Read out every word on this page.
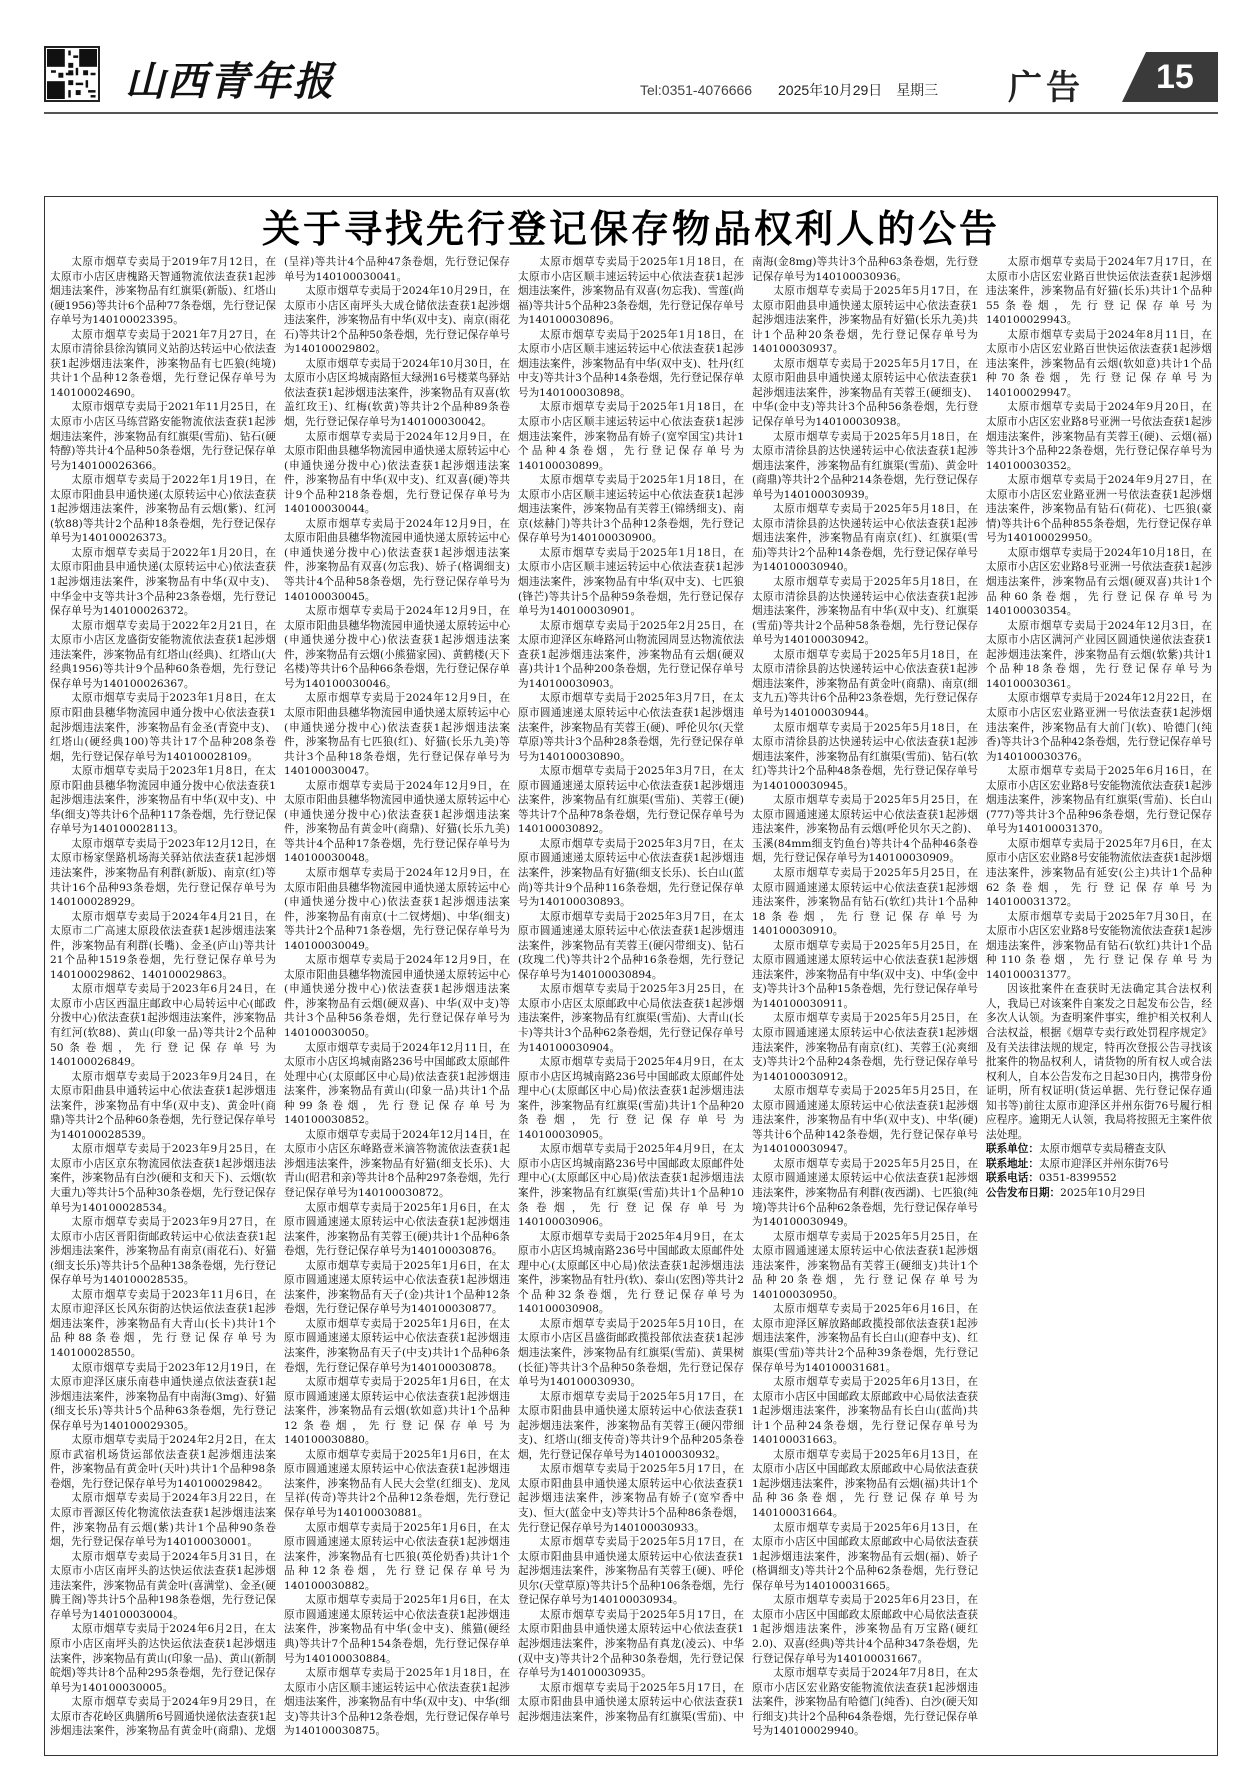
山西青年报	Tel:0351-4076666 2025年10月29日 星期三 广告 15
关于寻找先行登记保存物品权利人的公告

太原市烟草专卖局于2019年7月12日，在太原市小店区唐槐路天智通物流依法查获1起涉烟违法案件，涉案物品有红旗渠(新版)、红塔山(硬1956)等共计6个品种77条卷烟，先行登记保存单号为140100023395。

太原市烟草专卖局于2021年7月27日，在太原市清徐县徐沟镇同义站韵达转运中心依法查获1起涉烟违法案件，涉案物品有七匹狼(纯境)共计1个品种12条卷烟，先行登记保存单号为140100024690。

太原市烟草专卖局于2021年11月25日，在太原市小店区马练营路安能物流依法查获1起涉烟违法案件，涉案物品有红旗渠(雪茄)、钻石(硬特醇)等共计4个品种50条卷烟，先行登记保存单号为140100026366。

太原市烟草专卖局于2022年1月19日，在太原市阳曲县申通快递(太原转运中心)依法查获1起涉烟违法案件，涉案物品有云烟(紫)、红河(软88)等共计2个品种18条卷烟，先行登记保存单号为140100026373。

太原市烟草专卖局于2022年1月20日，在太原市阳曲县申通快递(太原转运中心)依法查获1起涉烟违法案件，涉案物品有中华(双中支)、中华金中支等共计3个品种23条卷烟，先行登记保存单号为140100026372。

太原市烟草专卖局于2022年2月21日，在太原市小店区龙盛街安能物流依法查获1起涉烟违法案件，涉案物品有红塔山(经典)、红塔山(大经典1956)等共计9个品种60条卷烟，先行登记保存单号为140100026367。

太原市烟草专卖局于2023年1月8日，在太原市阳曲县穗华物流园申通分拨中心依法查获1起涉烟违法案件，涉案物品有金圣(青瓷中支)、红塔山(硬经典100)等共计17个品种208条卷烟，先行登记保存单号为140100028109。

太原市烟草专卖局于2023年1月8日，在太原市阳曲县穗华物流园申通分拨中心依法查获1起涉烟违法案件，涉案物品有中华(双中支)、中华(细支)等共计6个品种117条卷烟，先行登记保存单号为140100028113。

太原市烟草专卖局于2023年12月12日，在太原市杨家堡路机场海关驿站依法查获1起涉烟违法案件，涉案物品有利群(新版)、南京(红)等共计16个品种93条卷烟，先行登记保存单号为140100028929。

太原市烟草专卖局于2024年4月21日，在太原市二广高速太原段依法查获1起涉烟违法案件，涉案物品有利群(长嘴)、金圣(庐山)等共计21个品种1519条卷烟，先行登记保存单号为140100029862、140100029863。

太原市烟草专卖局于2023年6月24日，在太原市小店区西温庄邮政中心局转运中心(邮政分拨中心)依法查获1起涉烟违法案件，涉案物品有红河(软88)、黄山(印象一品)等共计2个品种50条卷烟，先行登记保存单号为140100026849。

太原市烟草专卖局于2023年9月24日，在太原市阳曲县申通转运中心依法查获1起涉烟违法案件，涉案物品有中华(双中支)、黄金叶(商鼎)等共计2个品种60条卷烟，先行登记保存单号为140100028539。

太原市烟草专卖局于2023年9月25日，在太原市小店区京东物流园依法查获1起涉烟违法案件，涉案物品有白沙(硬和支和天下)、云烟(软大重九)等共计5个品种30条卷烟，先行登记保存单号为140100028534。

太原市烟草专卖局于2023年9月27日，在太原市小店区晋阳街邮政转运中心依法查获1起涉烟违法案件，涉案物品有南京(雨花石)、好猫(细支长乐)等共计5个品种138条卷烟，先行登记保存单号为140100028535。

太原市烟草专卖局于2023年11月6日，在太原市迎泽区长风东街韵达快运依法查获1起涉烟违法案件，涉案物品有大青山(长卡)共计1个品种88条卷烟，先行登记保存单号为140100028550。

太原市烟草专卖局于2023年12月19日，在太原市迎泽区康乐南巷申通快递点依法查获1起涉烟违法案件，涉案物品有中南海(3mg)、好猫(细支长乐)等共计5个品种63条卷烟，先行登记保存单号为140100029305。

太原市烟草专卖局于2024年2月2日，在太原市武宿机场货运部依法查获1起涉烟违法案件，涉案物品有黄金叶(天叶)共计1个品种98条卷烟，先行登记保存单号为140100029842。

太原市烟草专卖局于2024年3月22日，在太原市晋源区传化物流依法查获1起涉烟违法案件，涉案物品有云烟(紫)共计1个品种90条卷烟，先行登记保存单号为140100030001。

太原市烟草专卖局于2024年5月31日，在太原市小店区南坪头韵达快运依法查获1起涉烟违法案件，涉案物品有黄金叶(喜满堂)、金圣(硬腾王阁)等共计5个品种198条卷烟，先行登记保存单号为140100030004。

太原市烟草专卖局于2024年6月2日，在太原市小店区南坪头韵达快运依法查获1起涉烟违法案件，涉案物品有黄山(印象一品)、黄山(新制皖烟)等共计8个品种295条卷烟，先行登记保存单号为140100030005。

太原市烟草专卖局于2024年9月29日，在太原市杏花岭区典膳所6号圆通快递依法查获1起涉烟违法案件，涉案物品有黄金叶(商鼎)、龙烟(呈祥)等共计4个品种47条卷烟，先行登记保存单号为140100030041。

太原市烟草专卖局于2024年10月29日，在太原市小店区南坪头大成仓储依法查获1起涉烟违法案件，涉案物品有中华(双中支)、南京(雨花石)等共计2个品种50条卷烟，先行登记保存单号为140100029802。

太原市烟草专卖局于2024年10月30日，在太原市小店区坞城南路恒大绿洲16号楼菜鸟驿站依法查获1起涉烟违法案件，涉案物品有双喜(软盖红玫王)、红梅(软黄)等共计2个品种89条卷烟，先行登记保存单号为140100030042。

太原市烟草专卖局于2024年12月9日，在太原市阳曲县穗华物流园申通快递太原转运中心(申通快递分拨中心)依法查获1起涉烟违法案件，涉案物品有中华(双中支)、红双喜(硬)等共计9个品种218条卷烟，先行登记保存单号为140100030044。

太原市烟草专卖局于2024年12月9日，在太原市阳曲县穗华物流园申通快递太原转运中心(申通快递分拨中心)依法查获1起涉烟违法案件，涉案物品有双喜(勿忘我)、娇子(格调细支)等共计4个品种58条卷烟，先行登记保存单号为140100030045。

太原市烟草专卖局于2024年12月9日，在太原市阳曲县穗华物流园申通快递太原转运中心(申通快递分拨中心)依法查获1起涉烟违法案件，涉案物品有云烟(小熊猫家园)、黄鹤楼(天下名楼)等共计6个品种66条卷烟，先行登记保存单号为140100030046。

太原市烟草专卖局于2024年12月9日，在太原市阳曲县穗华物流园申通快递太原转运中心(申通快递分拨中心)依法查获1起涉烟违法案件，涉案物品有七匹狼(红)、好猫(长乐九美)等共计3个品种18条卷烟，先行登记保存单号为140100030047。

太原市烟草专卖局于2024年12月9日，在太原市阳曲县穗华物流园申通快递太原转运中心(申通快递分拨中心)依法查获1起涉烟违法案件，涉案物品有黄金叶(商鼎)、好猫(长乐九美)等共计4个品种17条卷烟，先行登记保存单号为140100030048。

太原市烟草专卖局于2024年12月9日，在太原市阳曲县穗华物流园申通快递太原转运中心(申通快递分拨中心)依法查获1起涉烟违法案件，涉案物品有南京(十二钗烤烟)、中华(细支)等共计2个品种71条卷烟，先行登记保存单号为140100030049。

太原市烟草专卖局于2024年12月9日，在太原市阳曲县穗华物流园申通快递太原转运中心(申通快递分拨中心)依法查获1起涉烟违法案件，涉案物品有云烟(硬双喜)、中华(双中支)等共计3个品种56条卷烟，先行登记保存单号为140100030050。

太原市烟草专卖局于2024年12月11日，在太原市小店区坞城南路236号中国邮政太原邮件处理中心(太原邮区中心局)依法查获1起涉烟违法案件，涉案物品有黄山(印象一品)共计1个品种99条卷烟，先行登记保存单号为140100030852。

太原市烟草专卖局于2024年12月14日，在太原市小店区东峰路壹米滴答物流依法查获1起涉烟违法案件，涉案物品有好猫(细支长乐)、大青山(昭君和亲)等共计8个品种297条卷烟，先行登记保存单号为140100030872。

太原市烟草专卖局于2025年1月6日，在太原市圆通速递太原转运中心依法查获1起涉烟违法案件，涉案物品有芙蓉王(硬)共计1个品种6条卷烟，先行登记保存单号为140100030876。

太原市烟草专卖局于2025年1月6日，在太原市圆通速递太原转运中心依法查获1起涉烟违法案件，涉案物品有天子(金)共计1个品种12条卷烟，先行登记保存单号为140100030877。

太原市烟草专卖局于2025年1月6日，在太原市圆通速递太原转运中心依法查获1起涉烟违法案件，涉案物品有天子(中支)共计1个品种6条卷烟，先行登记保存单号为140100030878。

太原市烟草专卖局于2025年1月6日，在太原市圆通速递太原转运中心依法查获1起涉烟违法案件，涉案物品有云烟(软如意)共计1个品种12条卷烟，先行登记保存单号为140100030880。

太原市烟草专卖局于2025年1月6日，在太原市圆通速递太原转运中心依法查获1起涉烟违法案件，涉案物品有人民大会堂(红细支)、龙凤呈祥(传奇)等共计2个品种12条卷烟，先行登记保存单号为140100030881。

太原市烟草专卖局于2025年1月6日，在太原市圆通速递太原转运中心依法查获1起涉烟违法案件，涉案物品有七匹狼(英伦奶香)共计1个品种12条卷烟，先行登记保存单号为140100030882。

太原市烟草专卖局于2025年1月6日，在太原市圆通速递太原转运中心依法查获1起涉烟违法案件，涉案物品有中华(金中支)、熊猫(硬经典)等共计7个品种154条卷烟，先行登记保存单号为140100030884。

太原市烟草专卖局于2025年1月18日，在太原市小店区顺丰速运转运中心依法查获1起涉烟违法案件，涉案物品有中华(双中支)、中华(细支)等共计3个品种12条卷烟，先行登记保存单号为140100030875。

太原市烟草专卖局于2025年1月18日，在太原市小店区顺丰速运转运中心依法查获1起涉烟违法案件，涉案物品有双喜(勿忘我)、雪莲(尚福)等共计5个品种23条卷烟，先行登记保存单号为140100030896。

太原市烟草专卖局于2025年1月18日，在太原市小店区顺丰速运转运中心依法查获1起涉烟违法案件，涉案物品有中华(双中支)、牡丹(红中支)等共计3个品种14条卷烟，先行登记保存单号为140100030898。

太原市烟草专卖局于2025年1月18日，在太原市小店区顺丰速运转运中心依法查获1起涉烟违法案件，涉案物品有娇子(宽窄国宝)共计1个品种4条卷烟，先行登记保存单号为140100030899。

太原市烟草专卖局于2025年1月18日，在太原市小店区顺丰速运转运中心依法查获1起涉烟违法案件，涉案物品有芙蓉王(锦绣细支)、南京(炫赫门)等共计3个品种12条卷烟，先行登记保存单号为140100030900。

太原市烟草专卖局于2025年1月18日，在太原市小店区顺丰速运转运中心依法查获1起涉烟违法案件，涉案物品有中华(双中支)、七匹狼(锋芒)等共计5个品种59条卷烟，先行登记保存单号为140100030901。

太原市烟草专卖局于2025年2月25日，在太原市迎泽区东峰路河山物流园周昱达物流依法查获1起涉烟违法案件，涉案物品有云烟(硬双喜)共计1个品种200条卷烟，先行登记保存单号为140100030903。

太原市烟草专卖局于2025年3月7日，在太原市圆通速递太原转运中心依法查获1起涉烟违法案件，涉案物品有芙蓉王(硬)、呼伦贝尔(天堂草原)等共计3个品种28条卷烟，先行登记保存单号为140100030890。

太原市烟草专卖局于2025年3月7日，在太原市圆通速递太原转运中心依法查获1起涉烟违法案件，涉案物品有红旗渠(雪茄)、芙蓉王(硬)等共计7个品种78条卷烟，先行登记保存单号为140100030892。

太原市烟草专卖局于2025年3月7日，在太原市圆通速递太原转运中心依法查获1起涉烟违法案件，涉案物品有好猫(细支长乐)、长白山(蓝尚)等共计9个品种116条卷烟，先行登记保存单号为140100030893。

太原市烟草专卖局于2025年3月7日，在太原市圆通速递太原转运中心依法查获1起涉烟违法案件，涉案物品有芙蓉王(硬闪带细支)、钻石(玫瑰二代)等共计2个品种16条卷烟，先行登记保存单号为140100030894。

太原市烟草专卖局于2025年3月25日，在太原市小店区太原邮政中心局依法查获1起涉烟违法案件，涉案物品有红旗渠(雪茄)、大青山(长卡)等共计3个品种62条卷烟，先行登记保存单号为140100030904。

太原市烟草专卖局于2025年4月9日，在太原市小店区坞城南路236号中国邮政太原邮件处理中心(太原邮区中心局)依法查获1起涉烟违法案件，涉案物品有红旗渠(雪茄)共计1个品种20条卷烟，先行登记保存单号为140100030905。

太原市烟草专卖局于2025年4月9日，在太原市小店区坞城南路236号中国邮政太原邮件处理中心(太原邮区中心局)依法查获1起涉烟违法案件，涉案物品有红旗渠(雪茄)共计1个品种10条卷烟，先行登记保存单号为140100030906。

太原市烟草专卖局于2025年4月9日，在太原市小店区坞城南路236号中国邮政太原邮件处理中心(太原邮区中心局)依法查获1起涉烟违法案件，涉案物品有牡丹(软)、泰山(宏图)等共计2个品种32条卷烟，先行登记保存单号为140100030908。

太原市烟草专卖局于2025年5月10日，在太原市小店区昌盛街邮政揽投部依法查获1起涉烟违法案件，涉案物品有红旗渠(雪茄)、黄果树(长征)等共计3个品种50条卷烟，先行登记保存单号为140100030930。

太原市烟草专卖局于2025年5月17日，在太原市阳曲县申通快递太原转运中心依法查获1起涉烟违法案件，涉案物品有芙蓉王(硬闪带细支)、红塔山(细支传奇)等共计9个品种205条卷烟，先行登记保存单号为140100030932。

太原市烟草专卖局于2025年5月17日，在太原市阳曲县申通快递太原转运中心依法查获1起涉烟违法案件，涉案物品有娇子(宽窄香中支)、恒大(蓝金中支)等共计5个品种86条卷烟，先行登记保存单号为140100030933。

太原市烟草专卖局于2025年5月17日，在太原市阳曲县申通快递太原转运中心依法查获1起涉烟违法案件，涉案物品有芙蓉王(硬)、呼伦贝尔(天堂草原)等共计5个品种106条卷烟，先行登记保存单号为140100030934。

太原市烟草专卖局于2025年5月17日，在太原市阳曲县申通快递太原转运中心依法查获1起涉烟违法案件，涉案物品有真龙(凌云)、中华(双中支)等共计2个品种30条卷烟，先行登记保存单号为140100030935。

太原市烟草专卖局于2025年5月17日，在太原市阳曲县申通快递太原转运中心依法查获1起涉烟违法案件，涉案物品有红旗渠(雪茄)、中南海(金8mg)等共计3个品种63条卷烟，先行登记保存单号为140100030936。

太原市烟草专卖局于2025年5月17日，在太原市阳曲县申通快递太原转运中心依法查获1起涉烟违法案件，涉案物品有好猫(长乐九美)共计1个品种20条卷烟，先行登记保存单号为140100030937。

太原市烟草专卖局于2025年5月17日，在太原市阳曲县申通快递太原转运中心依法查获1起涉烟违法案件，涉案物品有芙蓉王(硬细支)、中华(金中支)等共计3个品种56条卷烟，先行登记保存单号为140100030938。

太原市烟草专卖局于2025年5月18日，在太原市清徐县韵达快递转运中心依法查获1起涉烟违法案件，涉案物品有红旗渠(雪茄)、黄金叶(商鼎)等共计2个品种214条卷烟，先行登记保存单号为140100030939。

太原市烟草专卖局于2025年5月18日，在太原市清徐县韵达快递转运中心依法查获1起涉烟违法案件，涉案物品有南京(红)、红旗渠(雪茄)等共计2个品种14条卷烟，先行登记保存单号为140100030940。

太原市烟草专卖局于2025年5月18日，在太原市清徐县韵达快递转运中心依法查获1起涉烟违法案件，涉案物品有中华(双中支)、红旗渠(雪茄)等共计2个品种58条卷烟，先行登记保存单号为140100030942。

太原市烟草专卖局于2025年5月18日，在太原市清徐县韵达快递转运中心依法查获1起涉烟违法案件，涉案物品有黄金叶(商鼎)、南京(细支九五)等共计6个品种23条卷烟，先行登记保存单号为140100030944。

太原市烟草专卖局于2025年5月18日，在太原市清徐县韵达快递转运中心依法查获1起涉烟违法案件，涉案物品有红旗渠(雪茄)、钻石(软红)等共计2个品种48条卷烟，先行登记保存单号为140100030945。

太原市烟草专卖局于2025年5月25日，在太原市圆通速递太原转运中心依法查获1起涉烟违法案件，涉案物品有云烟(呼伦贝尔天之韵)、玉溪(84mm细支钓鱼台)等共计4个品种46条卷烟，先行登记保存单号为140100030909。

太原市烟草专卖局于2025年5月25日，在太原市圆通速递太原转运中心依法查获1起涉烟违法案件，涉案物品有钻石(软红)共计1个品种18条卷烟，先行登记保存单号为140100030910。

太原市烟草专卖局于2025年5月25日，在太原市圆通速递太原转运中心依法查获1起涉烟违法案件，涉案物品有中华(双中支)、中华(金中支)等共计3个品种15条卷烟，先行登记保存单号为140100030911。

太原市烟草专卖局于2025年5月25日，在太原市圆通速递太原转运中心依法查获1起涉烟违法案件，涉案物品有南京(红)、芙蓉王(沁爽细支)等共计2个品种24条卷烟，先行登记保存单号为140100030912。

太原市烟草专卖局于2025年5月25日，在太原市圆通速递太原转运中心依法查获1起涉烟违法案件，涉案物品有中华(双中支)、中华(硬)等共计6个品种142条卷烟，先行登记保存单号为140100030947。

太原市烟草专卖局于2025年5月25日，在太原市圆通速递太原转运中心依法查获1起涉烟违法案件，涉案物品有利群(夜西湖)、七匹狼(纯境)等共计6个品种62条卷烟，先行登记保存单号为140100030949。

太原市烟草专卖局于2025年5月25日，在太原市圆通速递太原转运中心依法查获1起涉烟违法案件，涉案物品有芙蓉王(硬细支)共计1个品种20条卷烟，先行登记保存单号为140100030950。

太原市烟草专卖局于2025年6月16日，在太原市迎泽区解放路邮政揽投部依法查获1起涉烟违法案件，涉案物品有长白山(迎春中支)、红旗渠(雪茄)等共计2个品种39条卷烟，先行登记保存单号为140100031681。

太原市烟草专卖局于2025年6月13日，在太原市小店区中国邮政太原邮政中心局依法查获1起涉烟违法案件，涉案物品有长白山(蓝尚)共计1个品种24条卷烟，先行登记保存单号为140100031663。

太原市烟草专卖局于2025年6月13日，在太原市小店区中国邮政太原邮政中心局依法查获1起涉烟违法案件，涉案物品有云烟(福)共计1个品种36条卷烟，先行登记保存单号为140100031664。

太原市烟草专卖局于2025年6月13日，在太原市小店区中国邮政太原邮政中心局依法查获1起涉烟违法案件，涉案物品有云烟(福)、娇子(格调细支)等共计2个品种62条卷烟，先行登记保存单号为140100031665。

太原市烟草专卖局于2025年6月23日，在太原市小店区中国邮政太原邮政中心局依法查获1起涉烟违法案件，涉案物品有万宝路(硬红2.0)、双喜(经典)等共计4个品种347条卷烟，先行登记保存单号为140100031667。

太原市烟草专卖局于2024年7月8日，在太原市小店区宏业路安能物流依法查获1起涉烟违法案件，涉案物品有哈德门(纯香)、白沙(硬天知行细支)共计2个品种64条卷烟，先行登记保存单号为140100029940。

太原市烟草专卖局于2024年7月17日，在太原市小店区宏业路百世快运依法查获1起涉烟违法案件，涉案物品有好猫(长乐)共计1个品种55条卷烟，先行登记保存单号为140100029943。

太原市烟草专卖局于2024年8月11日，在太原市小店区宏业路百世快运依法查获1起涉烟违法案件，涉案物品有云烟(软如意)共计1个品种70条卷烟，先行登记保存单号为140100029947。

太原市烟草专卖局于2024年9月20日，在太原市小店区宏业路8号亚洲一号依法查获1起涉烟违法案件，涉案物品有芙蓉王(硬)、云烟(福)等共计3个品种22条卷烟，先行登记保存单号为140100030352。

太原市烟草专卖局于2024年9月27日，在太原市小店区宏业路亚洲一号依法查获1起涉烟违法案件，涉案物品有钻石(荷花)、七匹狼(豪情)等共计6个品种855条卷烟，先行登记保存单号为140100029950。

太原市烟草专卖局于2024年10月18日，在太原市小店区宏业路8号亚洲一号依法查获1起涉烟违法案件，涉案物品有云烟(硬双喜)共计1个品种60条卷烟，先行登记保存单号为140100030354。

太原市烟草专卖局于2024年12月3日，在太原市小店区满河产业园区圆通快递依法查获1起涉烟违法案件，涉案物品有云烟(软紫)共计1个品种18条卷烟，先行登记保存单号为140100030361。

太原市烟草专卖局于2024年12月22日，在太原市小店区宏业路亚洲一号依法查获1起涉烟违法案件，涉案物品有大前门(软)、哈德门(纯香)等共计3个品种42条卷烟，先行登记保存单号为140100030376。

太原市烟草专卖局于2025年6月16日，在太原市小店区宏业路8号安能物流依法查获1起涉烟违法案件，涉案物品有红旗渠(雪茄)、长白山(777)等共计3个品种96条卷烟，先行登记保存单号为140100031370。

太原市烟草专卖局于2025年7月6日，在太原市小店区宏业路8号安能物流依法查获1起涉烟违法案件，涉案物品有延安(公主)共计1个品种62条卷烟，先行登记保存单号为140100031372。

太原市烟草专卖局于2025年7月30日，在太原市小店区宏业路8号安能物流依法查获1起涉烟违法案件，涉案物品有钻石(软红)共计1个品种110条卷烟，先行登记保存单号为140100031377。

因该批案件在查获时无法确定其合法权利人，我局已对该案件自案发之日起发布公告，经多次人认领。为查明案件事实，维护相关权利人合法权益，根据《烟草专卖行政处罚程序规定》及有关法律法规的规定，特再次登报公告寻找该批案件的物品权利人，请货物的所有权人或合法权利人，自本公告发布之日起30日内，携带身份证明，所有权证明(货运单据、先行登记保存通知书等)前往太原市迎泽区并州东街76号履行相应程序。逾期无人认领，我局将按照无主案件依法处理。

联系单位：太原市烟草专卖局稽查支队

联系地址：太原市迎泽区并州东街76号

联系电话：0351-8399552

公告发布日期：2025年10月29日
